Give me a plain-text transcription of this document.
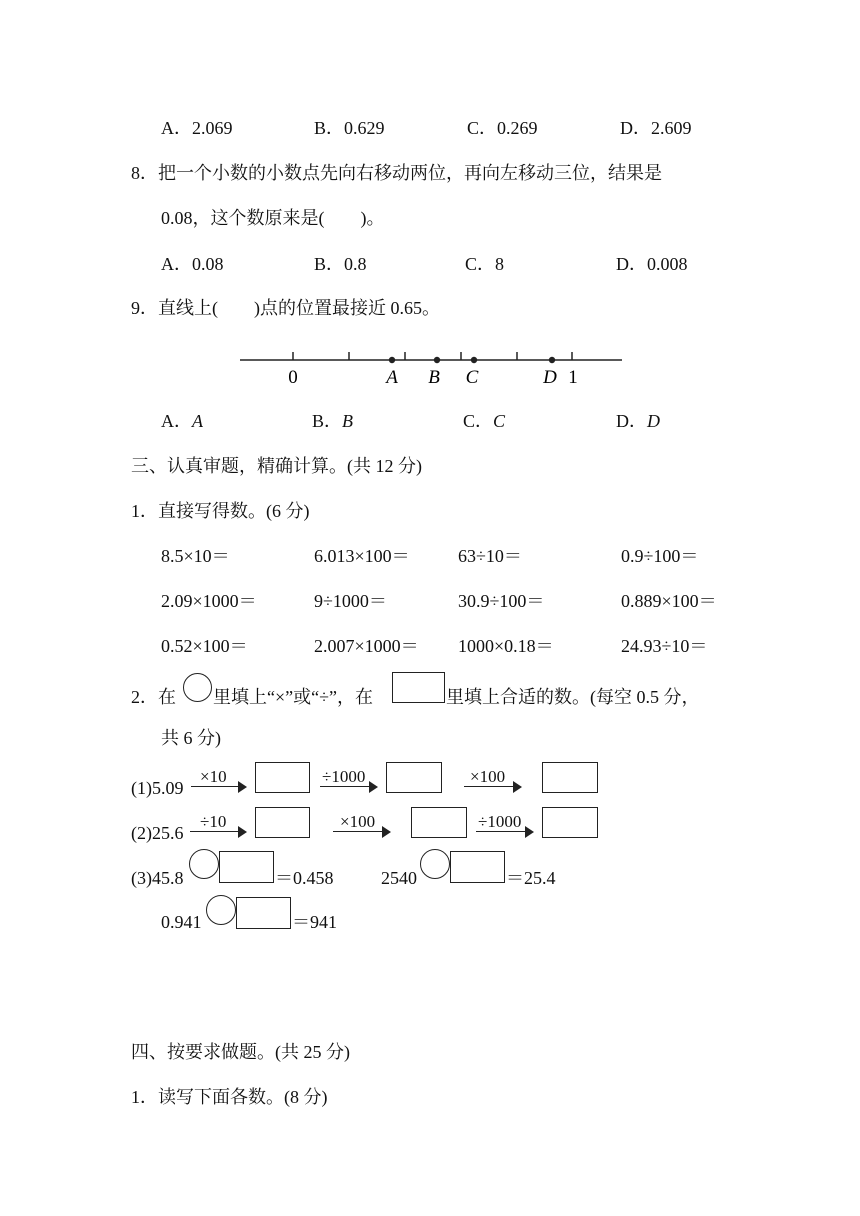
A．2.069	B．0.629	C．0.269	D．2.609
8．把一个小数的小数点先向右移动两位，再向左移动三位，结果是
0.08，这个数原来是(　　)。
A．0.08	B．0.8	C．8	D．0.008
9．直线上(　　)点的位置最接近 0.65。
0	A B C	D 1
A．A	B．B	C．C	D．D
三、认真审题，精确计算。(共 12 分)
1．直接写得数。(6 分)
8.5×10＝	6.013×100＝	63÷10＝	0.9÷100＝
2.09×1000＝	9÷1000＝	30.9÷100＝	0.889×100＝
0.52×100＝	2.007×1000＝ 1000×0.18＝	24.93÷10＝
2．在 里填上“×”或“÷”，在	里填上合适的数。(每空 0.5 分，
共 6 分)
(1)5.09
×10	÷1000	×100
(2)25.6
÷10	×100	÷1000
(3)45.8	＝0.458	2540	＝25.4
0.941	＝941
四、按要求做题。(共 25 分)
1．读写下面各数。(8 分)
